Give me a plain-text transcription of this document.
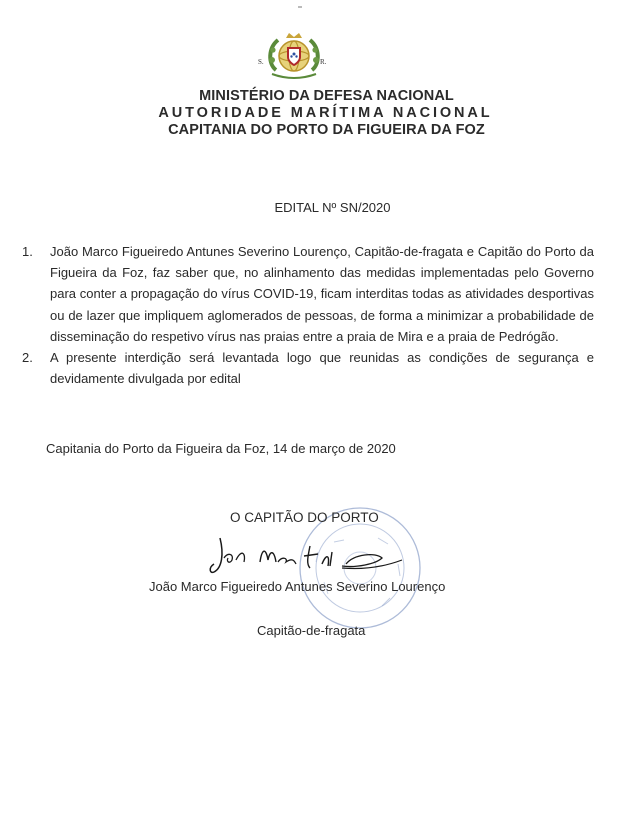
S.	R.
MINISTÉRIO DA DEFESA NACIONAL
AUTORIDADE MARÍTIMA NACIONAL
CAPITANIA DO PORTO DA FIGUEIRA DA FOZ
EDITAL Nº SN/2020
1. João Marco Figueiredo Antunes Severino Lourenço, Capitão-de-fragata e Capitão do Porto da Figueira da Foz, faz saber que, no alinhamento das medidas implementadas pelo Governo para conter a propagação do vírus COVID-19, ficam interditas todas as atividades desportivas ou de lazer que impliquem aglomerados de pessoas, de forma a minimizar a probabilidade de disseminação do respetivo vírus nas praias entre a praia de Mira e a praia de Pedrógão.
2. A presente interdição será levantada logo que reunidas as condições de segurança e devidamente divulgada por edital
Capitania do Porto da Figueira da Foz, 14 de março de 2020
O CAPITÃO DO PORTO
João Marco Figueiredo Antunes Severino Lourenço
Capitão-de-fragata
